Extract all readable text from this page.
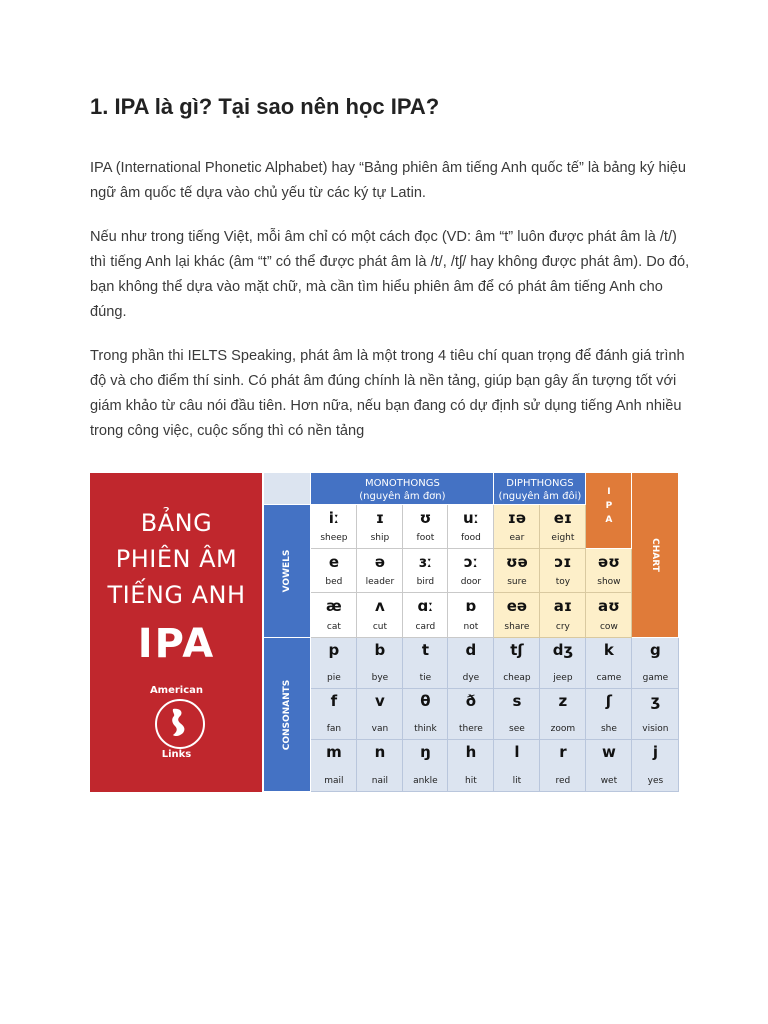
1. IPA là gì? Tại sao nên học IPA?

IPA (International Phonetic Alphabet) hay “Bảng phiên âm tiếng Anh quốc tế” là bảng ký hiệu ngữ âm quốc tế dựa vào chủ yếu từ các ký tự Latin.

Nếu như trong tiếng Việt, mỗi âm chỉ có một cách đọc (VD: âm “t” luôn được phát âm là /t/) thì tiếng Anh lại khác (âm “t” có thể được phát âm là /t/, /tʃ/ hay không được phát âm). Do đó, bạn không thể dựa vào mặt chữ, mà cần tìm hiểu phiên âm để có phát âm tiếng Anh cho đúng.

Trong phần thi IELTS Speaking, phát âm là một trong 4 tiêu chí quan trọng để đánh giá trình độ và cho điểm thí sinh. Có phát âm đúng chính là nền tảng, giúp bạn gây ấn tượng tốt với giám khảo từ câu nói đầu tiên. Hơn nữa, nếu bạn đang có dự định sử dụng tiếng Anh nhiều trong công việc, cuộc sống thì có nền tảng

BẢNG
PHIÊN ÂM
TIẾNG ANH
IPA
American
Links
MONOTHONGS
(nguyên âm đơn)
DIPHTHONGS
(nguyên âm đôi)	I P A
CHART
VOWELS
CONSONANTS
iː
sheep
ɪ
ship
ʊ
foot
uː
food
ɪə
ear
eɪ
eight
e
bed
ə
leader
ɜː
bird
ɔː
door
ʊə
sure
ɔɪ
toy
əʊ
show
æ
cat
ʌ
cut
ɑː
card
ɒ
not
eə
share
aɪ
cry
aʊ
cow
p
pie
b
bye
t
tie
d
dye
tʃ
cheap
dʒ
jeep
k
came
g
game
f
fan
v
van
θ
think
ð
there
s
see
z
zoom
ʃ
she
ʒ
vision
m
mail
n
nail
ŋ
ankle
h
hit
l
lit
r
red
w
wet
j
yes
